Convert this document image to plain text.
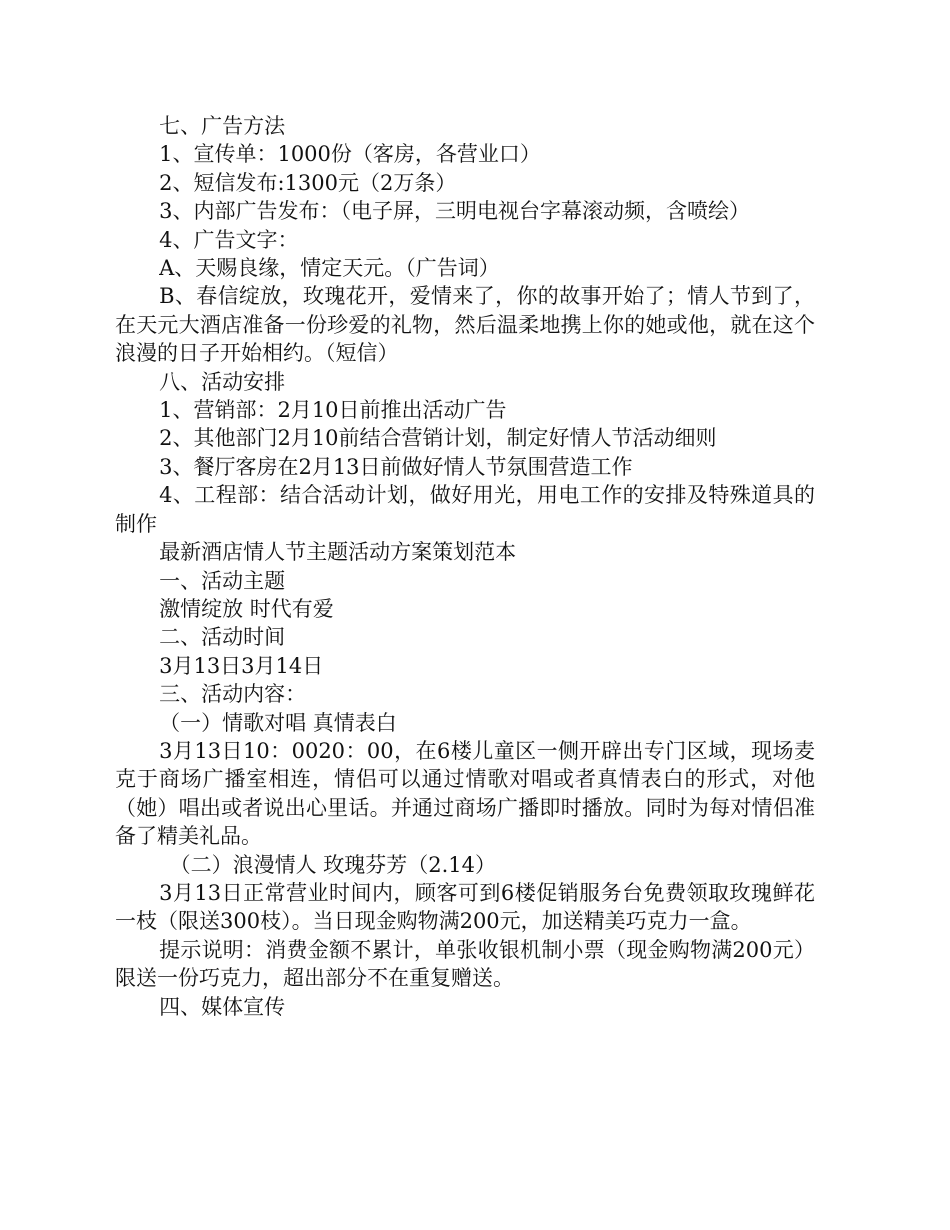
七、广告方法

1、宣传单：1000份（客房，各营业口）

2、短信发布:1300元（2万条）

3、内部广告发布：（电子屏，三明电视台字幕滚动频，含喷绘）

4、广告文字：

A、天赐良缘，情定天元。（广告词）

B、春信绽放，玫瑰花开，爱情来了，你的故事开始了；情人节到了，在天元大酒店准备一份珍爱的礼物，然后温柔地携上你的她或他，就在这个浪漫的日子开始相约。（短信）

八、活动安排

1、营销部：2月10日前推出活动广告

2、其他部门2月10前结合营销计划，制定好情人节活动细则

3、餐厅客房在2月13日前做好情人节氛围营造工作

4、工程部：结合活动计划，做好用光，用电工作的安排及特殊道具的制作

最新酒店情人节主题活动方案策划范本

一、活动主题

激情绽放 时代有爱

二、活动时间

3月13日3月14日

三、活动内容：

（一）情歌对唱 真情表白

3月13日10：0020：00，在6楼儿童区一侧开辟出专门区域，现场麦克于商场广播室相连，情侣可以通过情歌对唱或者真情表白的形式，对他（她）唱出或者说出心里话。并通过商场广播即时播放。同时为每对情侣准备了精美礼品。

（二）浪漫情人 玫瑰芬芳（2.14）

3月13日正常营业时间内，顾客可到6楼促销服务台免费领取玫瑰鲜花一枝（限送300枝）。当日现金购物满200元，加送精美巧克力一盒。

提示说明：消费金额不累计，单张收银机制小票（现金购物满200元）限送一份巧克力，超出部分不在重复赠送。

四、媒体宣传
